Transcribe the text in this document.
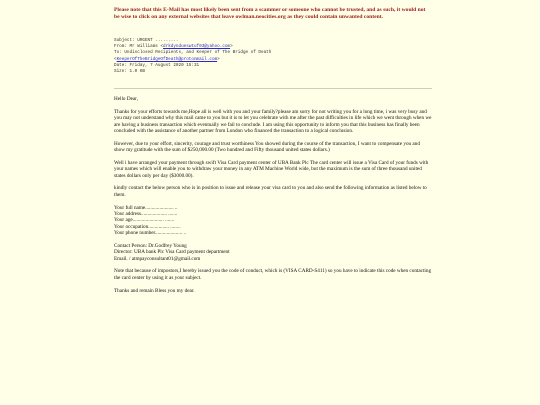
Please note that this E-Mail has most likely been sent from a scammer or someone who cannot be trusted, and as such, it would not be wise to click on any external websites that leave owlman.neocities.org as they could contain unwanted content.
Subject: URGENT .........
From: Mr Williams <drkdyndueswtuf03@yahoo.com>
To: Undisclosed Recipients, and Keeper of The Bridge of Death
<KeeperOfTheBridgeOfDeath@protonmail.com>
Date: Friday, 7 August 2020 15:31
Size: 1.0 KB

Hello Dear,

Thanks for your efforts towards me,Hope all is well with you and your family?please am sorry for not writing you for a long time, i was very busy and you may not understand why this mail came to you but it is to let you celebrate with me after the past difficulties in life which we went through when we are having a business transaction which eventually we fail to conclude. I am using this opportunity to inform you that this business has finally been concluded with the assistance of another partner from London who financed the transaction to a logical conclusion.

However, due to your effort, sincerity, courage and trust worthiness You showed during the course of the transaction, I want to compensate you and show my gratitude with the sum of $250,000.00 (Two hundred and Fifty thousand united states dollars.)

Well i have arranged your payment through swift Visa Card payment center of UBA Bank Plc The card center will issue a Visa Card of your funds with your names which will enable you to withdraw your money in any ATM Machine World wide, but the maximum is the sum of three thousand united states dollars only per day ($3000.00).

kindly contact the below person who is in position to issue and release your visa card to you and also send the following information as listed below to them.

Your full name...................... ..
Your address.................... .......
Your age........................ .......
Your occupation................ ........
Your phone number..................... ..

Contact Person: Dr.Godfrey Young
Director: UBA bank Plc Visa Card payment department
Email. / atmpayconsultant01@gmail.com

Note that because of impostors,I hereby issued you the code of conduct, which is (VISA CARD-S411) so you have to indicate this code when contacting the card center by using it as your subject.

Thanks and remain Bless you my dear.
